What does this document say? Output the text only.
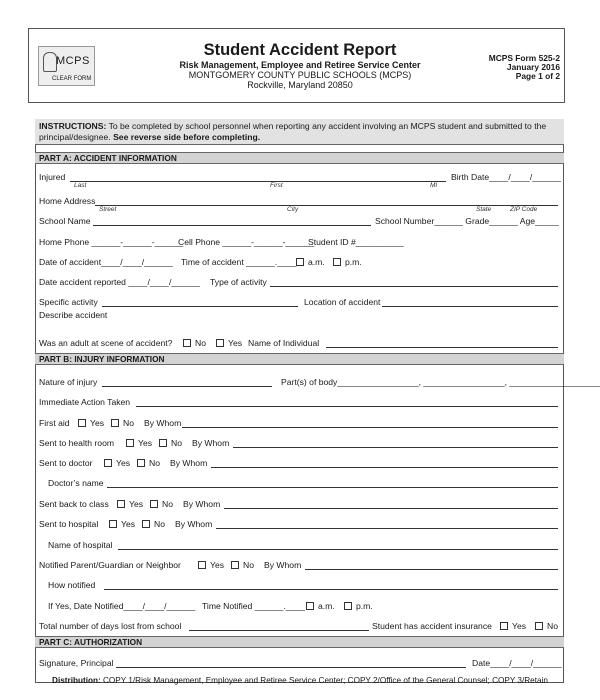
MCPS
CLEAR FORM
Student Accident Report
Risk Management, Employee and Retiree Service Center
MONTGOMERY COUNTY PUBLIC SCHOOLS (MCPS)
Rockville, Maryland 20850
MCPS Form 525-2
January 2016
Page 1 of 2
INSTRUCTIONS: To be completed by school personnel when reporting any accident involving an MCPS student and submitted to the principal/designee. See reverse side before completing.
PART A: ACCIDENT INFORMATION
Injured
Last	First	MI
Birth Date____/____/______
Home Address
Street	City	State	ZIP Code
School Name	School Number______ Grade______ Age_____
Home Phone ______-______-______
Cell Phone ______-______-______
Student ID #__________
Date of accident____/____/______ Time of accident ______.____	a.m.	p.m.
Date accident reported ____/____/______ Type of activity
Specific activity	Location of accident
Describe accident
Was an adult at scene of accident?	No	Yes Name of Individual
PART B: INJURY INFORMATION
Nature of injury	Part(s) of body_________________, _________________, ___________________
Immediate Action Taken
First aid	Yes	No By Whom
Sent to health room	Yes	No By Whom
Sent to doctor	Yes	No By Whom
Doctor’s name
Sent back to class	Yes	No By Whom
Sent to hospital	Yes	No By Whom
Name of hospital
Notified Parent/Guardian or Neighbor	Yes	No By Whom
How notified
If Yes, Date Notified____/____/______ Time Notified ______.____	a.m.	p.m.
Total number of days lost from school	Student has accident insurance	Yes	No
PART C: AUTHORIZATION
Signature, Principal	Date____/____/______
Distribution: COPY 1/Risk Management, Employee and Retiree Service Center; COPY 2/Office of the General Counsel; COPY 3/Retain
